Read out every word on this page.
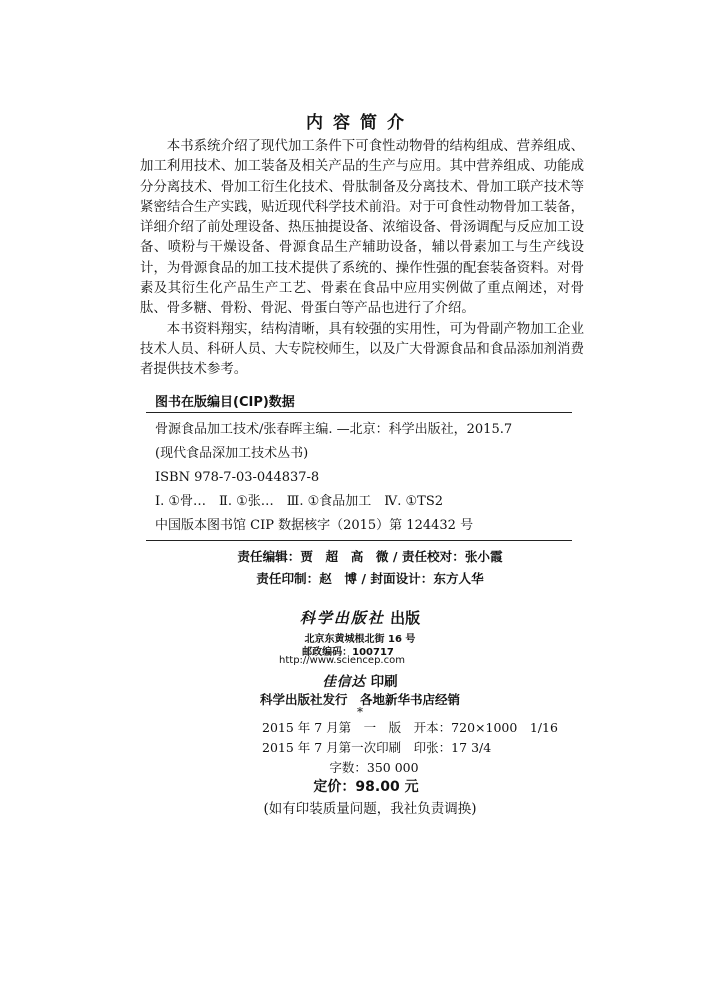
内容简介

本书系统介绍了现代加工条件下可食性动物骨的结构组成、营养组成、加工利用技术、加工装备及相关产品的生产与应用。其中营养组成、功能成分分离技术、骨加工衍生化技术、骨肽制备及分离技术、骨加工联产技术等紧密结合生产实践，贴近现代科学技术前沿。对于可食性动物骨加工装备，详细介绍了前处理设备、热压抽提设备、浓缩设备、骨汤调配与反应加工设备、喷粉与干燥设备、骨源食品生产辅助设备，辅以骨素加工与生产线设计，为骨源食品的加工技术提供了系统的、操作性强的配套装备资料。对骨素及其衍生化产品生产工艺、骨素在食品中应用实例做了重点阐述，对骨肽、骨多糖、骨粉、骨泥、骨蛋白等产品也进行了介绍。

本书资料翔实，结构清晰，具有较强的实用性，可为骨副产物加工企业技术人员、科研人员、大专院校师生，以及广大骨源食品和食品添加剂消费者提供技术参考。

图书在版编目(CIP)数据
骨源食品加工技术/张春晖主编. —北京：科学出版社，2015.7
(现代食品深加工技术丛书)
ISBN 978-7-03-044837-8
Ⅰ. ①骨…　Ⅱ. ①张…　Ⅲ. ①食品加工　Ⅳ. ①TS2
中国版本图书馆 CIP 数据核字（2015）第 124432 号
责任编辑：贾　超　高　微 / 责任校对：张小霞
责任印制：赵　博 / 封面设计：东方人华
科学出版社 出版
北京东黄城根北街 16 号
邮政编码：100717
http://www.sciencep.com
佳信达 印刷
科学出版社发行　各地新华书店经销
*
2015 年 7 月第　一　版　开本：720×1000　1/16
2015 年 7 月第一次印刷　印张：17 3/4
字数：350 000
定价：98.00 元
(如有印装质量问题，我社负责调换)
